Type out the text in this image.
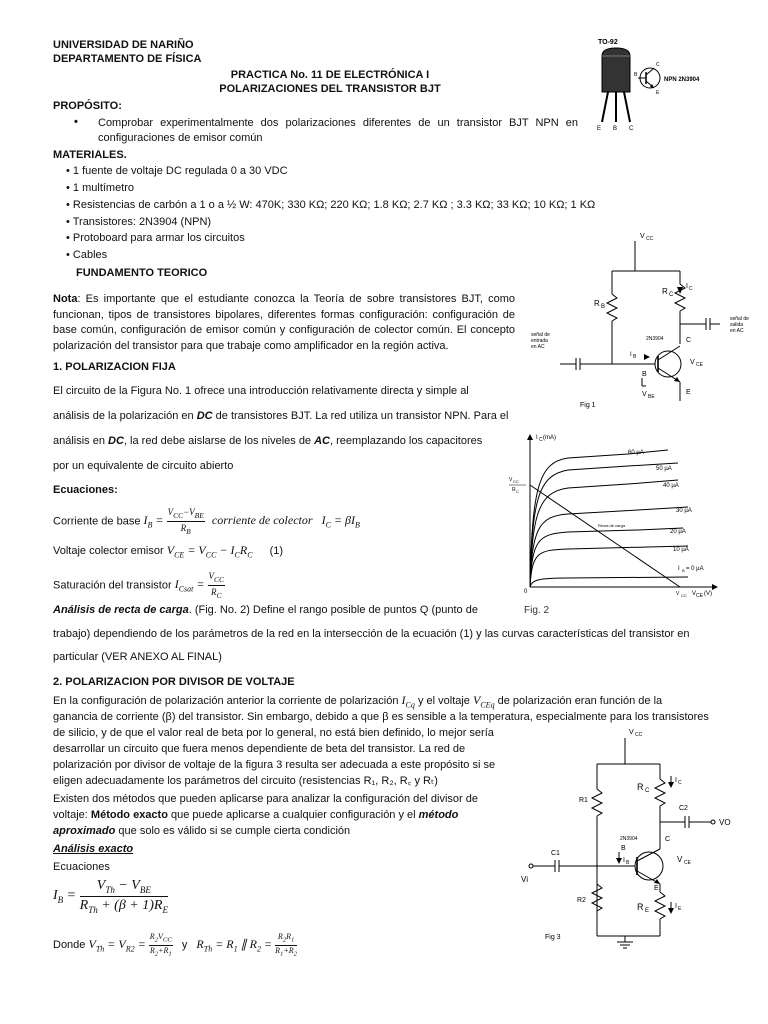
UNIVERSIDAD DE NARIÑO
DEPARTAMENTO DE FÍSICA
PRACTICA No. 11 DE ELECTRÓNICA I
POLARIZACIONES DEL TRANSISTOR BJT
PROPÓSITO:
• Comprobar experimentalmente dos polarizaciones diferentes de un transistor BJT NPN en configuraciones de emisor común
MATERIALES.
• 1 fuente de voltaje DC regulada 0 a 30 VDC
• 1 multímetro
• Resistencias de carbón a 1 o a ½ W: 470K; 330 KΩ; 220 KΩ; 1.8 KΩ; 2.7 KΩ ; 3.3 KΩ; 33 KΩ; 10 KΩ; 1 KΩ
• Transistores: 2N3904 (NPN)
• Protoboard para armar los circuitos
• Cables
FUNDAMENTO TEORICO
Nota: Es importante que el estudiante conozca la Teoría de sobre transistores BJT, como funcionan, tipos de transistores bipolares, diferentes formas configuración: configuración de base común, configuración de emisor común y configuración de colector común. El concepto polarización del transistor para que trabaje como amplificador en la región activa.
1. POLARIZACION FIJA
El circuito de la Figura No. 1 ofrece una introducción relativamente directa y simple al
análisis de la polarización en DC de transistores BJT. La red utiliza un transistor NPN. Para el
análisis en DC, la red debe aislarse de los niveles de AC, reemplazando los capacitores
por un equivalente de circuito abierto
Ecuaciones:
Corriente de base $I_B$ =
$V_{CC}-V_{BE}$
$R_B$
corriente de colector $I_C = \beta I_B$
Voltaje colector emisor $V_{CE} = V_{CC} - I_CR_C$ (1)
Saturación del transistor $I_{Csat}$ =
$V_{CC}$
$R_C$
Análisis de recta de carga. (Fig. No. 2) Define el rango posible de puntos Q (punto de
trabajo) dependiendo de los parámetros de la red en la intersección de la ecuación (1) y las curvas características del transistor en
particular (VER ANEXO AL FINAL)
2. POLARIZACION POR DIVISOR DE VOLTAJE
En la configuración de polarización anterior la corriente de polarización $I_{Cq}$ y el voltaje $V_{CEq}$ de polarización eran función de la
ganancia de corriente (β) del transistor. Sin embargo, debido a que β es sensible a la temperatura, especialmente para los transistores
de silicio, y de que el valor real de beta por lo general, no está bien definido, lo mejor sería
desarrollar un circuito que fuera menos dependiente de beta del transistor. La red de
polarización por divisor de voltaje de la figura 3 resulta ser adecuada a este propósito si se
eligen adecuadamente los parámetros del circuito (resistencias R₁, R₂, R꜀ y Rₜ)
Existen dos métodos que pueden aplicarse para analizar la configuración del divisor de
voltaje: Método exacto que puede aplicarse a cualquier configuración y el método
aproximado que solo es válido si se cumple cierta condición
Análisis exacto
Ecuaciones
$I_B$ =
$V_{Th} - V_{BE}$
$R_{Th} + (\beta + 1)R_E$
Donde $V_{Th} = V_{R2}$ =
$R_2V_{CC}$
$R_2+R_1$
y $R_{Th} = R_1$ ∥ $R_2 = \frac{R_2R_1}{R_1+R_2}$
TO-92
E B C
C
B
E
NPN 2N3904
V CC
R B
R C
I C
2N3904	C
señal de
entrada
en AC
señal de
salida
en AC
I B
B
V CE
V BE
E
Fig 1
I C (mA)
V CC
R C
0	V CC V CE (V)
60 µA
50 µA
40 µA
30 µA
20 µA
10 µA
I B = 0 µA
Recta de carga
Fig. 2
V CC
R1
R C
I C
C2
VO
2N3904
C1
Vi
I B
B
C
V CE
E
R2
R E
I E
Fig 3
